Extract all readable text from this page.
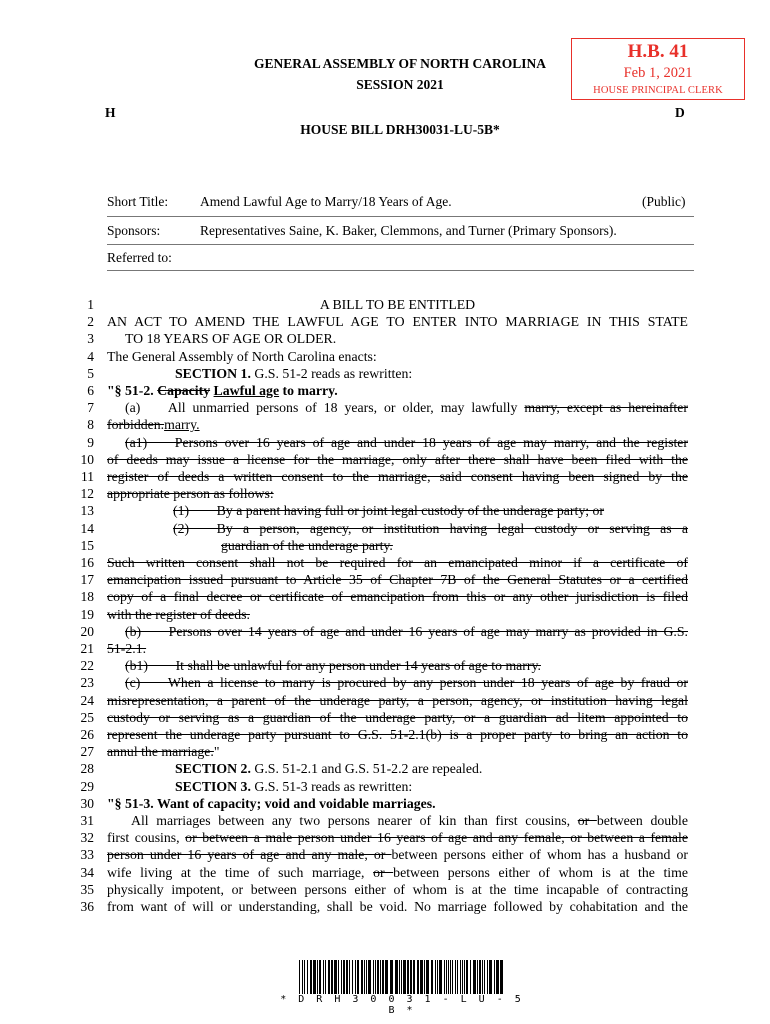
GENERAL ASSEMBLY OF NORTH CAROLINA
SESSION 2021
H	D
HOUSE BILL DRH30031-LU-5B*
H.B. 41
Feb 1, 2021
HOUSE PRINCIPAL CLERK
Short Title: Amend Lawful Age to Marry/18 Years of Age.	(Public)
Sponsors:	Representatives Saine, K. Baker, Clemmons, and Turner (Primary Sponsors).
Referred to:
1	A BILL TO BE ENTITLED
2 AN ACT TO AMEND THE LAWFUL AGE TO ENTER INTO MARRIAGE IN THIS STATE
3 TO 18 YEARS OF AGE OR OLDER.
4 The General Assembly of North Carolina enacts:
5	SECTION 1. G.S. 51-2 reads as rewritten:
6 "§ 51-2. Capacity Lawful age to marry.
7 (a)  All unmarried persons of 18 years, or older, may lawfully marry, except as hereinafter
8 forbidden.marry.
9 (a1)  Persons over 16 years of age and under 18 years of age may marry, and the register
10 of deeds may issue a license for the marriage, only after there shall have been filed with the
11 register of deeds a written consent to the marriage, said consent having been signed by the
12 appropriate person as follows:
13	(1)  By a parent having full or joint legal custody of the underage party; or
14	(2)  By a person, agency, or institution having legal custody or serving as a
15	guardian of the underage party.
16 Such written consent shall not be required for an emancipated minor if a certificate of
17 emancipation issued pursuant to Article 35 of Chapter 7B of the General Statutes or a certified
18 copy of a final decree or certificate of emancipation from this or any other jurisdiction is filed
19 with the register of deeds.
20 (b)  Persons over 14 years of age and under 16 years of age may marry as provided in G.S.
21 51-2.1.
22 (b1)  It shall be unlawful for any person under 14 years of age to marry.
23 (c)  When a license to marry is procured by any person under 18 years of age by fraud or
24 misrepresentation, a parent of the underage party, a person, agency, or institution having legal
25 custody or serving as a guardian of the underage party, or a guardian ad litem appointed to
26 represent the underage party pursuant to G.S. 51-2.1(b) is a proper party to bring an action to
27 annul the marriage."
28	SECTION 2. G.S. 51-2.1 and G.S. 51-2.2 are repealed.
29	SECTION 3. G.S. 51-3 reads as rewritten:
30 "§ 51-3. Want of capacity; void and voidable marriages.
31	All marriages between any two persons nearer of kin than first cousins, or between double
32 first cousins, or between a male person under 16 years of age and any female, or between a female
33 person under 16 years of age and any male, or between persons either of whom has a husband or
34 wife living at the time of such marriage, or between persons either of whom is at the time
35 physically impotent, or between persons either of whom is at the time incapable of contracting
36 from want of will or understanding, shall be void. No marriage followed by cohabitation and the
* D R H 3 0 0 3 1 - L U - 5 B *
